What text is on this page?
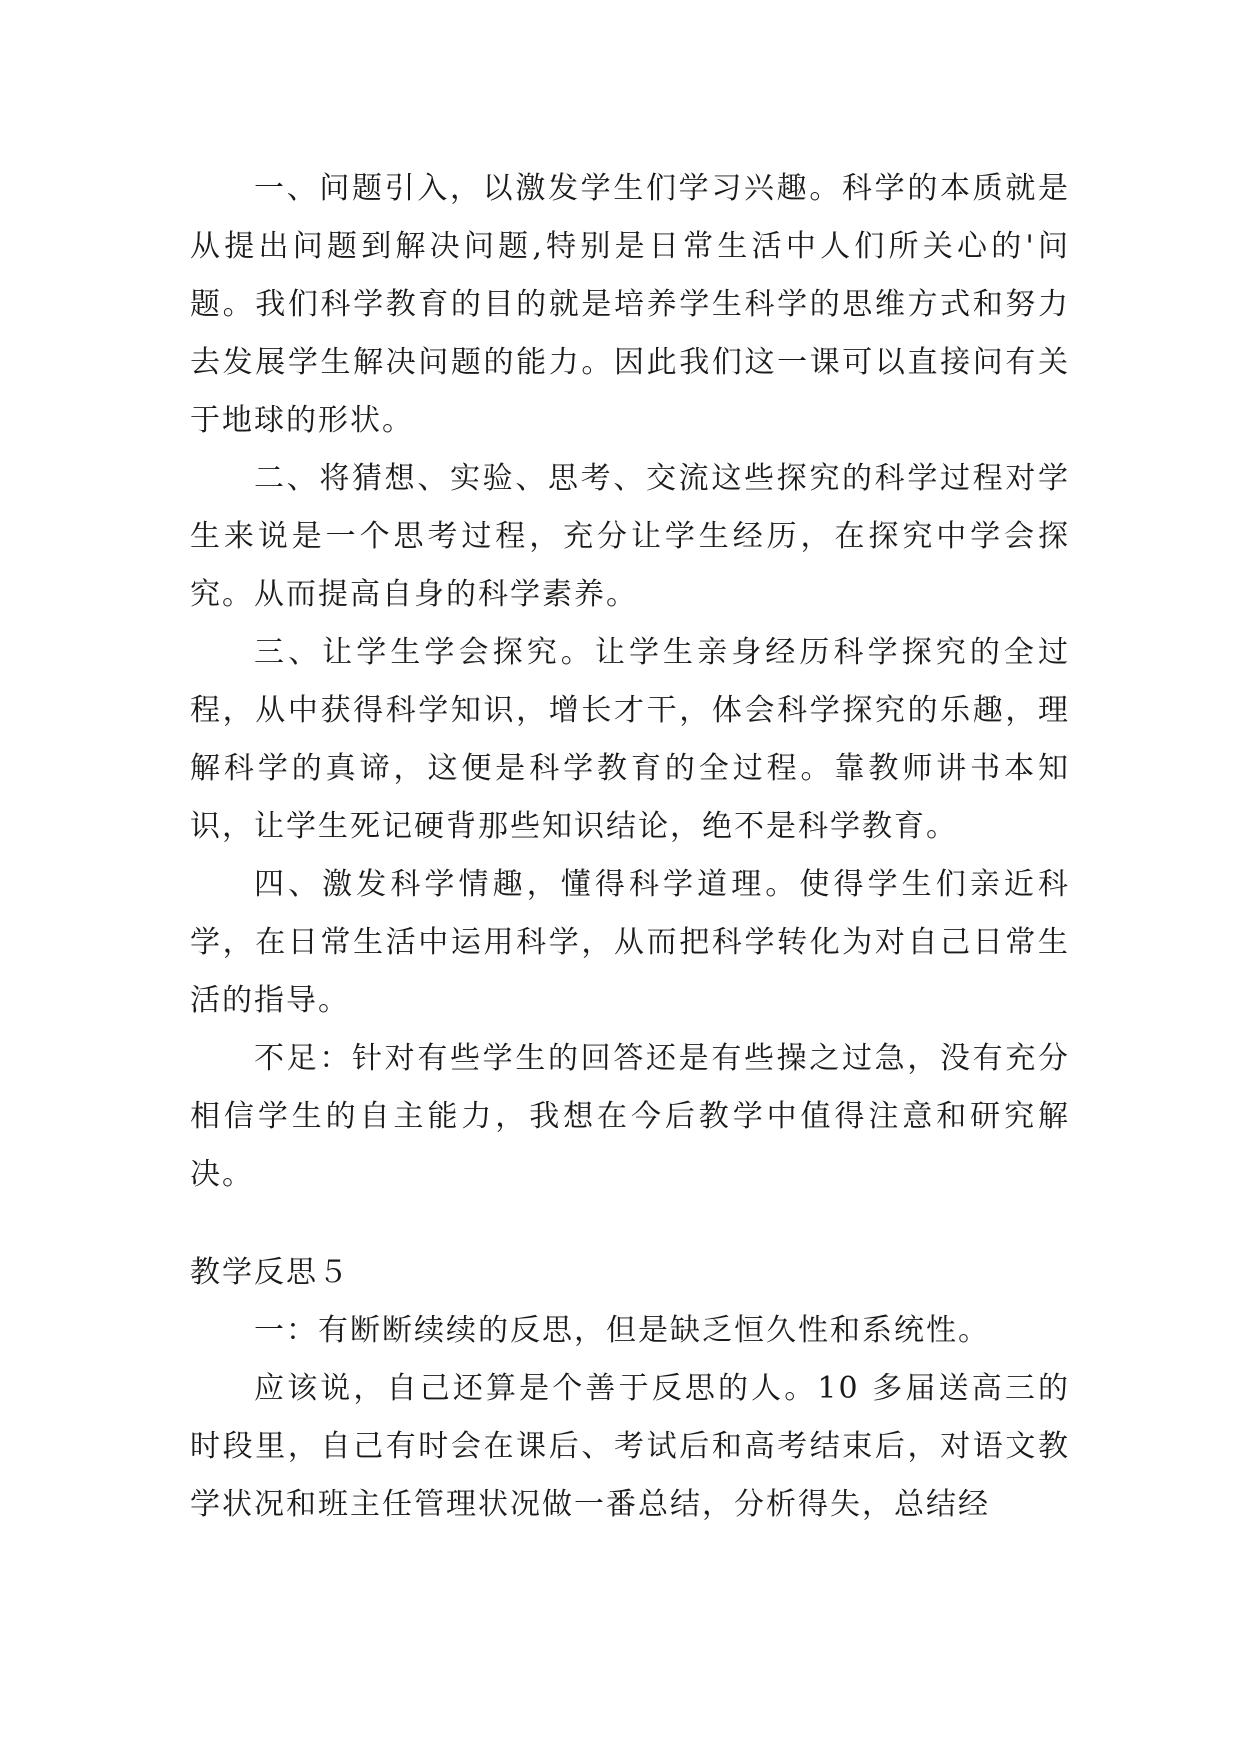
一、问题引入，以激发学生们学习兴趣。科学的本质就是从提出问题到解决问题,特别是日常生活中人们所关心的'问题。我们科学教育的目的就是培养学生科学的思维方式和努力去发展学生解决问题的能力。因此我们这一课可以直接问有关于地球的形状。

二、将猜想、实验、思考、交流这些探究的科学过程对学生来说是一个思考过程，充分让学生经历，在探究中学会探究。从而提高自身的科学素养。

三、让学生学会探究。让学生亲身经历科学探究的全过程，从中获得科学知识，增长才干，体会科学探究的乐趣，理解科学的真谛，这便是科学教育的全过程。靠教师讲书本知识，让学生死记硬背那些知识结论，绝不是科学教育。

四、激发科学情趣，懂得科学道理。使得学生们亲近科学，在日常生活中运用科学，从而把科学转化为对自己日常生活的指导。

不足：针对有些学生的回答还是有些操之过急，没有充分相信学生的自主能力，我想在今后教学中值得注意和研究解决。

教学反思５

一：有断断续续的反思，但是缺乏恒久性和系统性。

应该说，自己还算是个善于反思的人。10 多届送高三的时段里，自己有时会在课后、考试后和高考结束后，对语文教学状况和班主任管理状况做一番总结，分析得失，总结经
